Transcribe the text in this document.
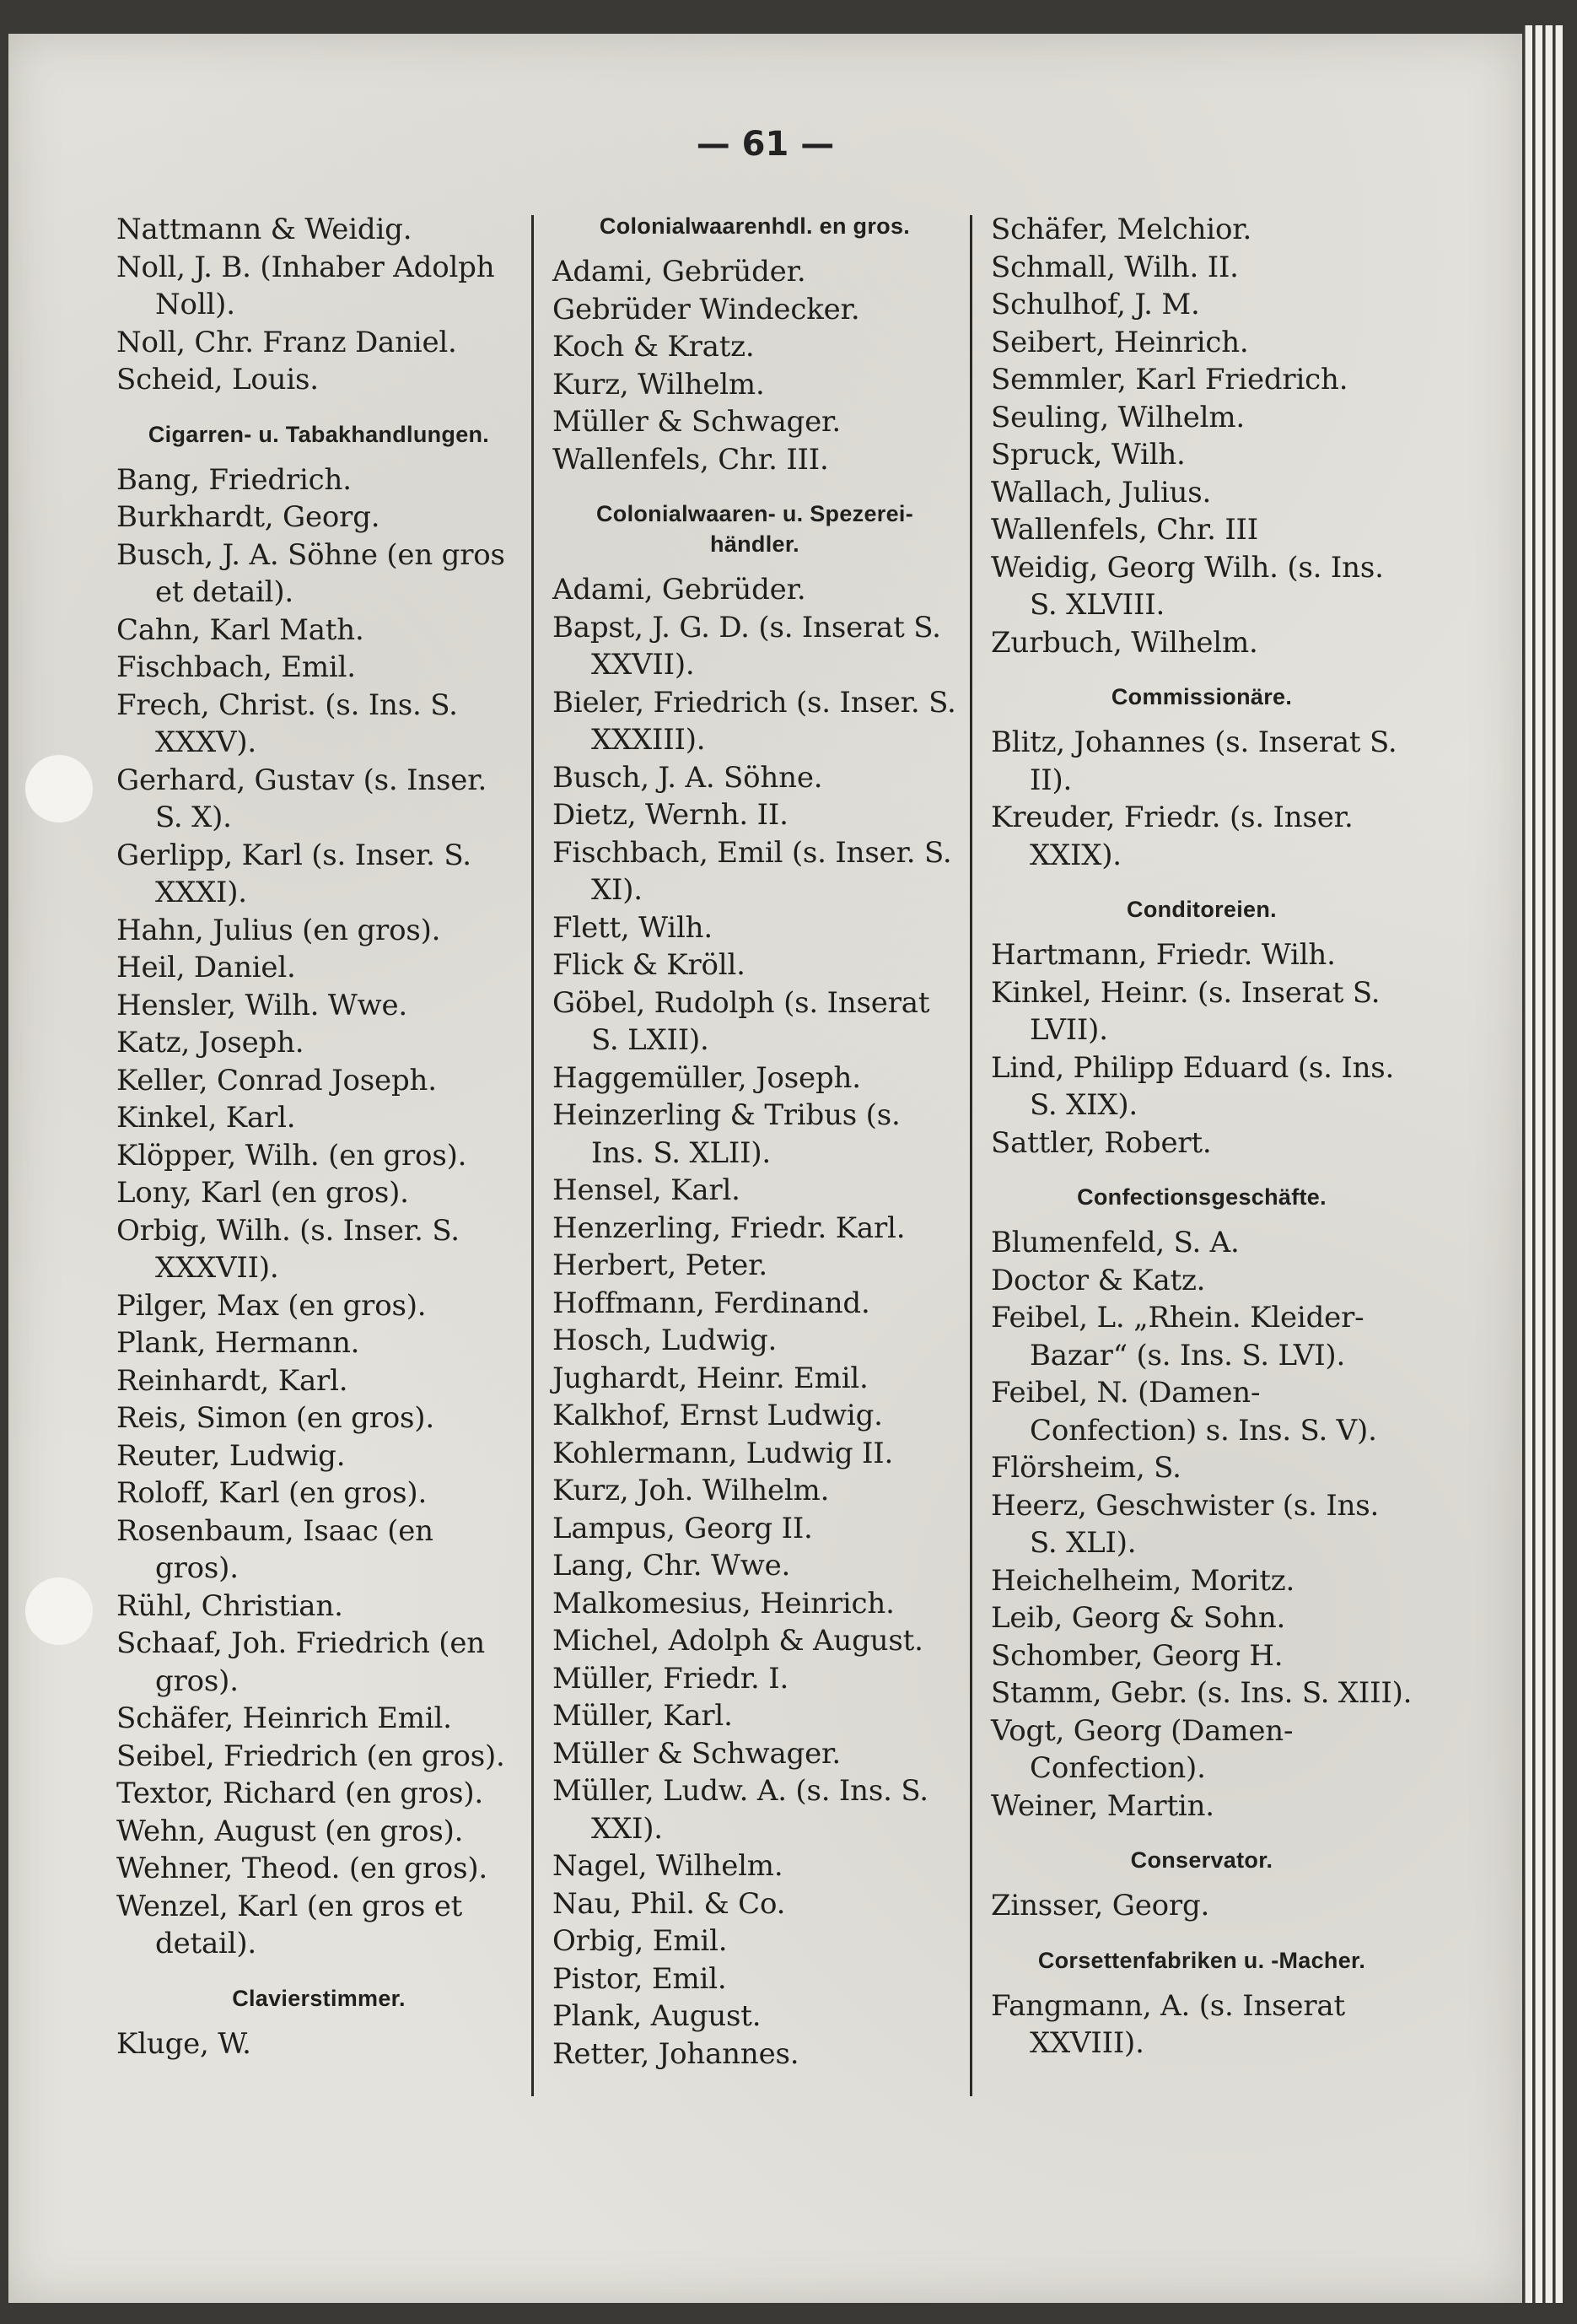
— 61 —

Nattmann & Weidig.

Noll, J. B. (Inhaber Adolph Noll).

Noll, Chr. Franz Daniel.

Scheid, Louis.

Cigarren- u. Tabakhandlungen.

Bang, Friedrich.

Burkhardt, Georg.

Busch, J. A. Söhne (en gros et detail).

Cahn, Karl Math.

Fischbach, Emil.

Frech, Christ. (s. Ins. S. XXXV).

Gerhard, Gustav (s. Inser. S. X).

Gerlipp, Karl (s. Inser. S. XXXI).

Hahn, Julius (en gros).

Heil, Daniel.

Hensler, Wilh. Wwe.

Katz, Joseph.

Keller, Conrad Joseph.

Kinkel, Karl.

Klöpper, Wilh. (en gros).

Lony, Karl (en gros).

Orbig, Wilh. (s. Inser. S. XXXVII).

Pilger, Max (en gros).

Plank, Hermann.

Reinhardt, Karl.

Reis, Simon (en gros).

Reuter, Ludwig.

Roloff, Karl (en gros).

Rosenbaum, Isaac (en gros).

Rühl, Christian.

Schaaf, Joh. Friedrich (en gros).

Schäfer, Heinrich Emil.

Seibel, Friedrich (en gros).

Textor, Richard (en gros).

Wehn, August (en gros).

Wehner, Theod. (en gros).

Wenzel, Karl (en gros et detail).

Clavierstimmer.

Kluge, W.

Colonialwaarenhdl. en gros.

Adami, Gebrüder.

Gebrüder Windecker.

Koch & Kratz.

Kurz, Wilhelm.

Müller & Schwager.

Wallenfels, Chr. III.

Colonialwaaren- u. Spezerei-händler.

Adami, Gebrüder.

Bapst, J. G. D. (s. Inserat S. XXVII).

Bieler, Friedrich (s. Inser. S. XXXIII).

Busch, J. A. Söhne.

Dietz, Wernh. II.

Fischbach, Emil (s. Inser. S. XI).

Flett, Wilh.

Flick & Kröll.

Göbel, Rudolph (s. Inserat S. LXII).

Haggemüller, Joseph.

Heinzerling & Tribus (s. Ins. S. XLII).

Hensel, Karl.

Henzerling, Friedr. Karl.

Herbert, Peter.

Hoffmann, Ferdinand.

Hosch, Ludwig.

Jughardt, Heinr. Emil.

Kalkhof, Ernst Ludwig.

Kohlermann, Ludwig II.

Kurz, Joh. Wilhelm.

Lampus, Georg II.

Lang, Chr. Wwe.

Malkomesius, Heinrich.

Michel, Adolph & August.

Müller, Friedr. I.

Müller, Karl.

Müller & Schwager.

Müller, Ludw. A. (s. Ins. S. XXI).

Nagel, Wilhelm.

Nau, Phil. & Co.

Orbig, Emil.

Pistor, Emil.

Plank, August.

Retter, Johannes.

Schäfer, Melchior.

Schmall, Wilh. II.

Schulhof, J. M.

Seibert, Heinrich.

Semmler, Karl Friedrich.

Seuling, Wilhelm.

Spruck, Wilh.

Wallach, Julius.

Wallenfels, Chr. III

Weidig, Georg Wilh. (s. Ins. S. XLVIII.

Zurbuch, Wilhelm.

Commissionäre.

Blitz, Johannes (s. Inserat S. II).

Kreuder, Friedr. (s. Inser. XXIX).

Conditoreien.

Hartmann, Friedr. Wilh.

Kinkel, Heinr. (s. Inserat S. LVII).

Lind, Philipp Eduard (s. Ins. S. XIX).

Sattler, Robert.

Confectionsgeschäfte.

Blumenfeld, S. A.

Doctor & Katz.

Feibel, L. „Rhein. Kleider-Bazar“ (s. Ins. S. LVI).

Feibel, N. (Damen-Confection) s. Ins. S. V).

Flörsheim, S.

Heerz, Geschwister (s. Ins. S. XLI).

Heichelheim, Moritz.

Leib, Georg & Sohn.

Schomber, Georg H.

Stamm, Gebr. (s. Ins. S. XIII).

Vogt, Georg (Damen-Confection).

Weiner, Martin.

Conservator.

Zinsser, Georg.

Corsettenfabriken u. -Macher.

Fangmann, A. (s. Inserat XXVIII).
